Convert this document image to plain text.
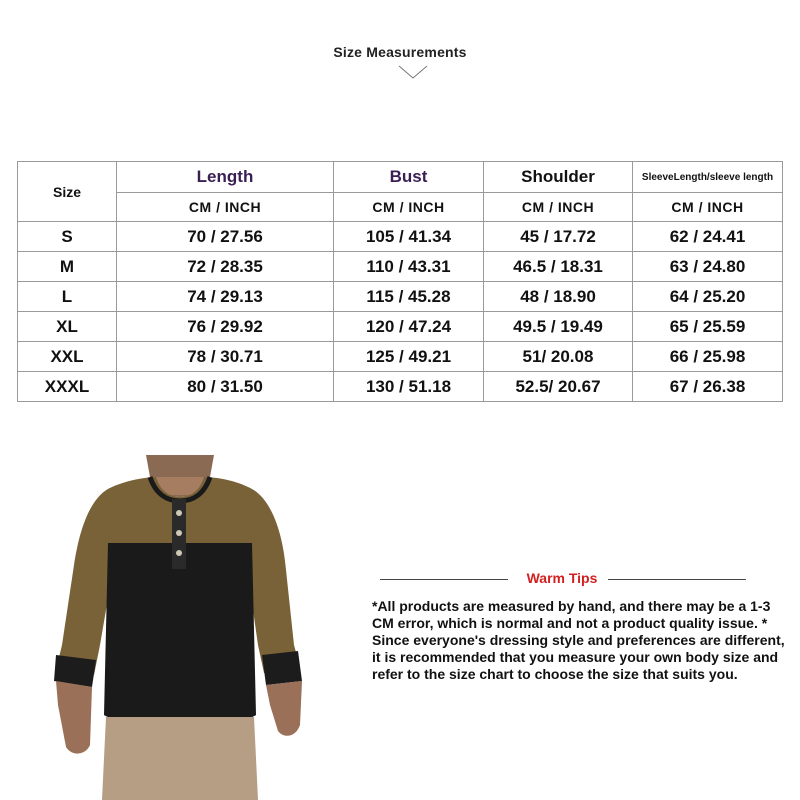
Size Measurements
Size	Length	Bust	Shoulder	SleeveLength/sleeve length
	CM / INCH	CM / INCH	CM / INCH	CM / INCH
S	70 / 27.56	105 / 41.34	45 / 17.72	62 / 24.41
M	72 / 28.35	110 / 43.31	46.5 / 18.31	63 / 24.80
L	74 / 29.13	115 / 45.28	48 / 18.90	64 / 25.20
XL	76 / 29.92	120 / 47.24	49.5 / 19.49	65 / 25.59
XXL	78 / 30.71	125 / 49.21	51/ 20.08	66 / 25.98
XXXL	80 / 31.50	130 / 51.18	52.5/ 20.67	67 / 26.38
Warm Tips
*All products are measured by hand, and there may be a 1-3 CM error, which is normal and not a product quality issue. * Since everyone's dressing style and preferences are different, it is recommended that you measure your own body size and refer to the size chart to choose the size that suits you.
